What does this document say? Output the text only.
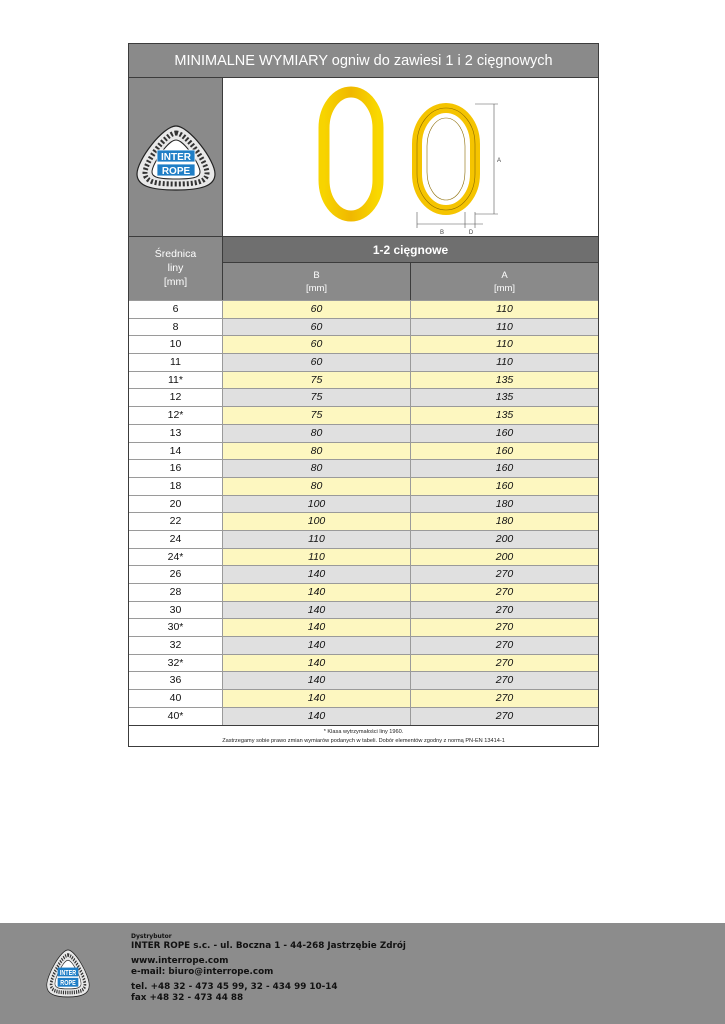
MINIMALNE WYMIARY ogniw do zawiesi 1 i 2 cięgnowych
INTER
ROPE
A
B	D
Średnica
liny
[mm]
1-2 cięgnowe
B
[mm]
A
[mm]
6	60	110
8	60	110
10	60	110
11	60	110
11*	75	135
12	75	135
12*	75	135
13	80	160
14	80	160
16	80	160
18	80	160
20	100	180
22	100	180
24	110	200
24*	110	200
26	140	270
28	140	270
30	140	270
30*	140	270
32	140	270
32*	140	270
36	140	270
40	140	270
40*	140	270
* Klasa wytrzymałości liny 1960.
Zastrzegamy sobie prawo zmian wymiarów podanych w tabeli. Dobór elementów zgodny z normą PN-EN 13414-1
INTER
ROPE
Dystrybutor
INTER ROPE s.c. - ul. Boczna 1 - 44-268 Jastrzębie Zdrój
www.interrope.com
e-mail: biuro@interrope.com
tel. +48 32 - 473 45 99, 32 - 434 99 10-14
fax +48 32 - 473 44 88
